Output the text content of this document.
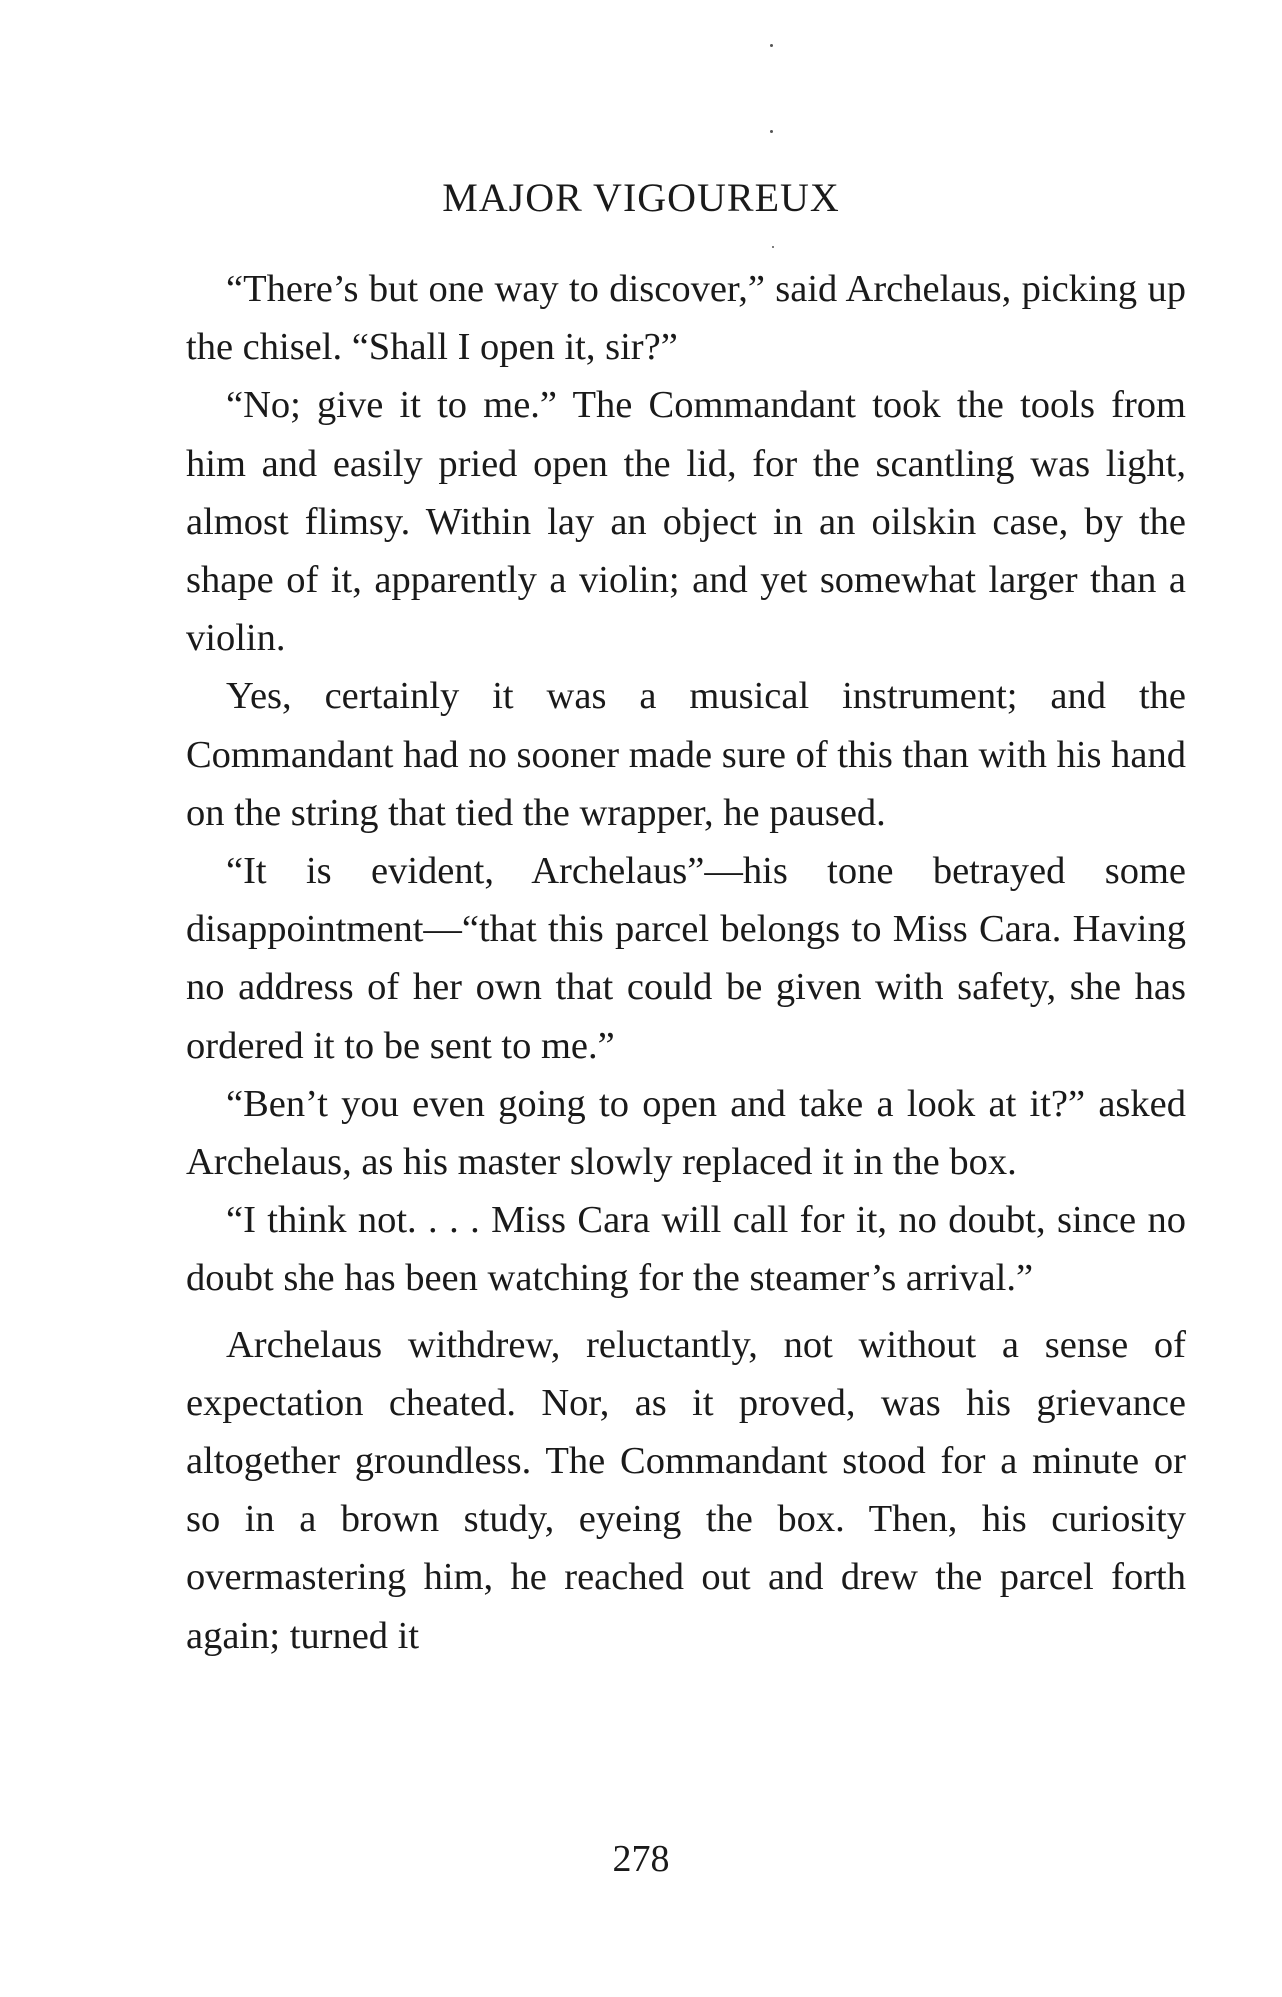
MAJOR VIGOUREUX

“There’s but one way to discover,” said Archelaus, picking up the chisel. “Shall I open it, sir?”

“No; give it to me.” The Commandant took the tools from him and easily pried open the lid, for the scantling was light, almost flimsy. Within lay an object in an oilskin case, by the shape of it, apparently a violin; and yet somewhat larger than a violin.

Yes, certainly it was a musical instrument; and the Commandant had no sooner made sure of this than with his hand on the string that tied the wrapper, he paused.

“It is evident, Archelaus”—his tone betrayed some disappointment—“that this parcel belongs to Miss Cara. Having no address of her own that could be given with safety, she has ordered it to be sent to me.”

“Ben’t you even going to open and take a look at it?” asked Archelaus, as his master slowly replaced it in the box.

“I think not. . . . Miss Cara will call for it, no doubt, since no doubt she has been watching for the steamer’s arrival.”

Archelaus withdrew, reluctantly, not without a sense of expectation cheated. Nor, as it proved, was his grievance altogether groundless. The Commandant stood for a minute or so in a brown study, eyeing the box. Then, his curiosity overmastering him, he reached out and drew the parcel forth again; turned it

278
